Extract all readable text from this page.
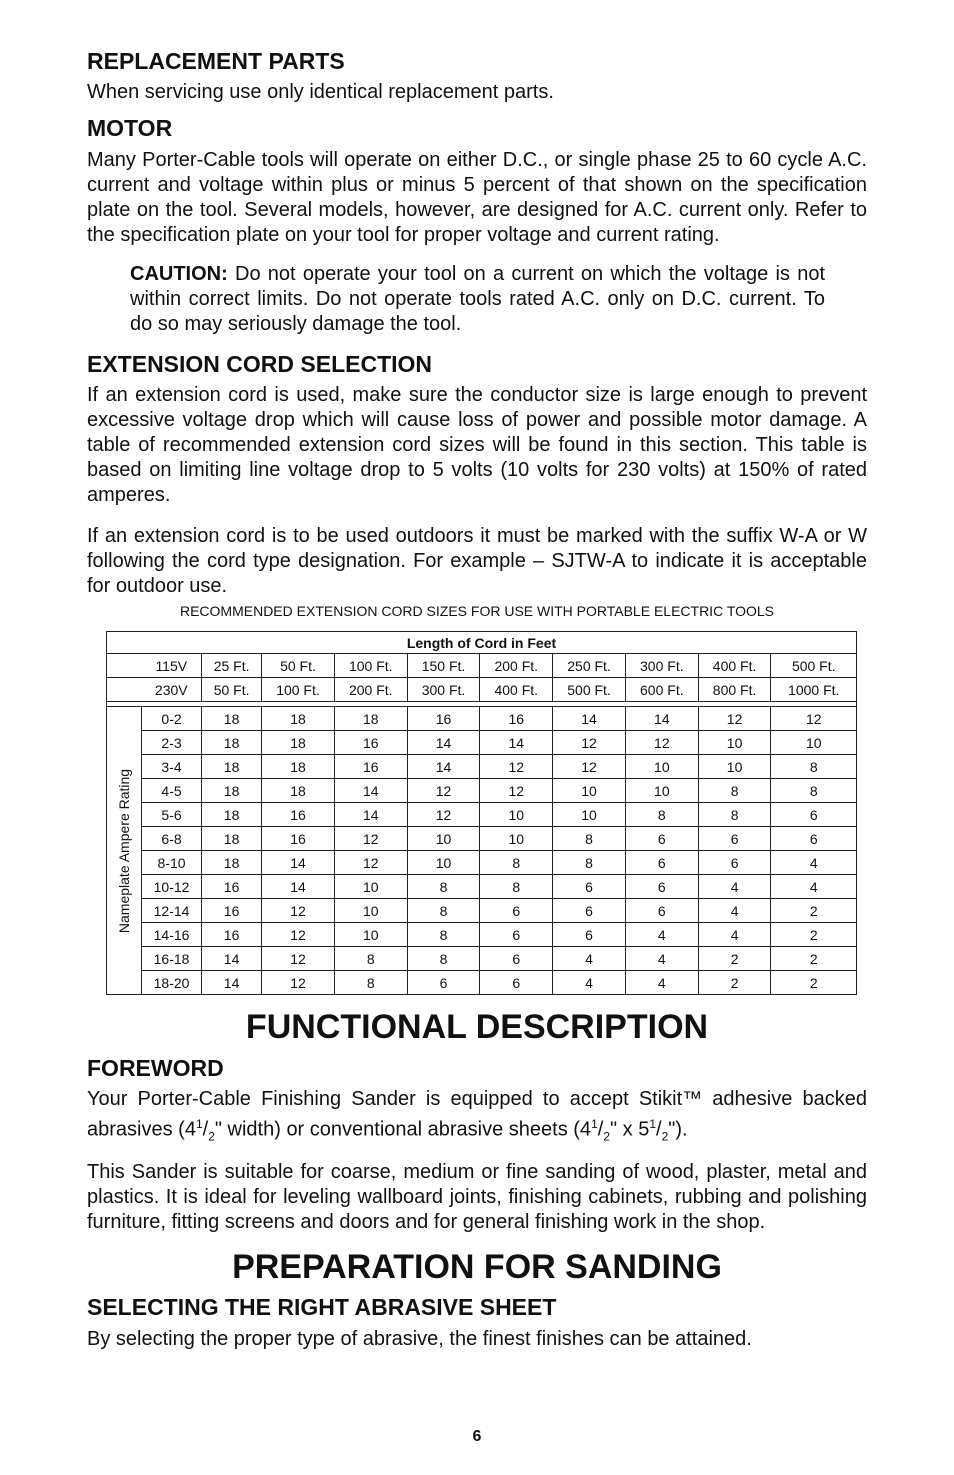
REPLACEMENT PARTS

When servicing use only identical replacement parts.

MOTOR

Many Porter-Cable tools will operate on either D.C., or single phase 25 to 60 cycle A.C. current and voltage within plus or minus 5 percent of that shown on the specification plate on the tool. Several models, however, are designed for A.C. current only. Refer to the specification plate on your tool for proper voltage and current rating.

CAUTION: Do not operate your tool on a current on which the voltage is not within correct limits. Do not operate tools rated A.C. only on D.C. current. To do so may seriously damage the tool.
EXTENSION CORD SELECTION

If an extension cord is used, make sure the conductor size is large enough to prevent excessive voltage drop which will cause loss of power and possible motor damage. A table of recommended extension cord sizes will be found in this section. This table is based on limiting line voltage drop to 5 volts (10 volts for 230 volts) at 150% of rated amperes.

If an extension cord is to be used outdoors it must be marked with the suffix W-A or W following the cord type designation. For example – SJTW-A to indicate it is acceptable for outdoor use.

RECOMMENDED EXTENSION CORD SIZES FOR USE WITH PORTABLE ELECTRIC TOOLS
Length of Cord in Feet										
	115V	25 Ft.	50 Ft.	100 Ft.	150 Ft.	200 Ft.	250 Ft.	300 Ft.	400 Ft.	500 Ft.
	230V	50 Ft.	100 Ft.	200 Ft.	300 Ft.	400 Ft.	500 Ft.	600 Ft.	800 Ft.	1000 Ft.

Nameplate Ampere Rating	0-2	18	18	18	16	16	14	14	12	12
	2-3	18	18	16	14	14	12	12	10	10
	3-4	18	18	16	14	12	12	10	10	8
	4-5	18	18	14	12	12	10	10	8	8
	5-6	18	16	14	12	10	10	8	8	6
	6-8	18	16	12	10	10	8	6	6	6
	8-10	18	14	12	10	8	8	6	6	4
	10-12	16	14	10	8	8	6	6	4	4
	12-14	16	12	10	8	6	6	6	4	2
	14-16	16	12	10	8	6	6	4	4	2
	16-18	14	12	8	8	6	4	4	2	2
	18-20	14	12	8	6	6	4	4	2	2
FUNCTIONAL DESCRIPTION
FOREWORD

Your Porter-Cable Finishing Sander is equipped to accept Stikit™ adhesive backed abrasives ($4^1/_2$" width) or conventional abrasive sheets ($4^1/_2$" x $5^1/_2$").

This Sander is suitable for coarse, medium or fine sanding of wood, plaster, metal and plastics. It is ideal for leveling wallboard joints, finishing cabinets, rubbing and polishing furniture, fitting screens and doors and for general finishing work in the shop.

PREPARATION FOR SANDING
SELECTING THE RIGHT ABRASIVE SHEET

By selecting the proper type of abrasive, the finest finishes can be attained.

6
